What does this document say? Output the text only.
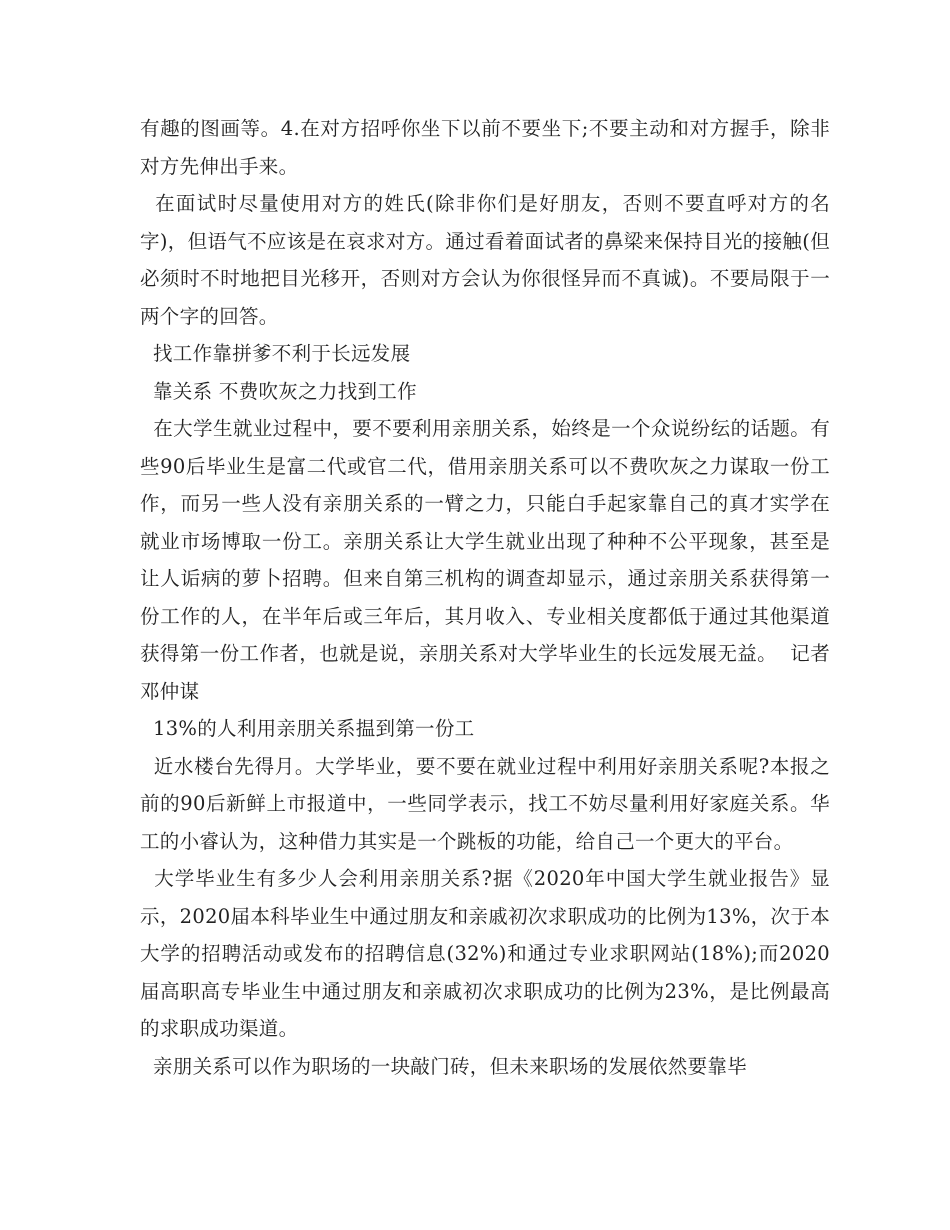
有趣的图画等。4.在对方招呼你坐下以前不要坐下;不要主动和对方握手，除非对方先伸出手来。

在面试时尽量使用对方的姓氏(除非你们是好朋友，否则不要直呼对方的名字)，但语气不应该是在哀求对方。通过看着面试者的鼻梁来保持目光的接触(但必须时不时地把目光移开，否则对方会认为你很怪异而不真诚)。不要局限于一两个字的回答。

找工作靠拼爹不利于长远发展

靠关系 不费吹灰之力找到工作

在大学生就业过程中，要不要利用亲朋关系，始终是一个众说纷纭的话题。有些90后毕业生是富二代或官二代，借用亲朋关系可以不费吹灰之力谋取一份工作，而另一些人没有亲朋关系的一臂之力，只能白手起家靠自己的真才实学在就业市场博取一份工。亲朋关系让大学生就业出现了种种不公平现象，甚至是让人诟病的萝卜招聘。但来自第三机构的调查却显示，通过亲朋关系获得第一份工作的人，在半年后或三年后，其月收入、专业相关度都低于通过其他渠道获得第一份工作者，也就是说，亲朋关系对大学毕业生的长远发展无益。  记者邓仲谋

13%的人利用亲朋关系揾到第一份工

近水楼台先得月。大学毕业，要不要在就业过程中利用好亲朋关系呢?本报之前的90后新鲜上市报道中，一些同学表示，找工不妨尽量利用好家庭关系。华工的小睿认为，这种借力其实是一个跳板的功能，给自己一个更大的平台。

大学毕业生有多少人会利用亲朋关系?据《2020年中国大学生就业报告》显示，2020届本科毕业生中通过朋友和亲戚初次求职成功的比例为13%，次于本大学的招聘活动或发布的招聘信息(32%)和通过专业求职网站(18%);而2020届高职高专毕业生中通过朋友和亲戚初次求职成功的比例为23%，是比例最高的求职成功渠道。

亲朋关系可以作为职场的一块敲门砖，但未来职场的发展依然要靠毕
